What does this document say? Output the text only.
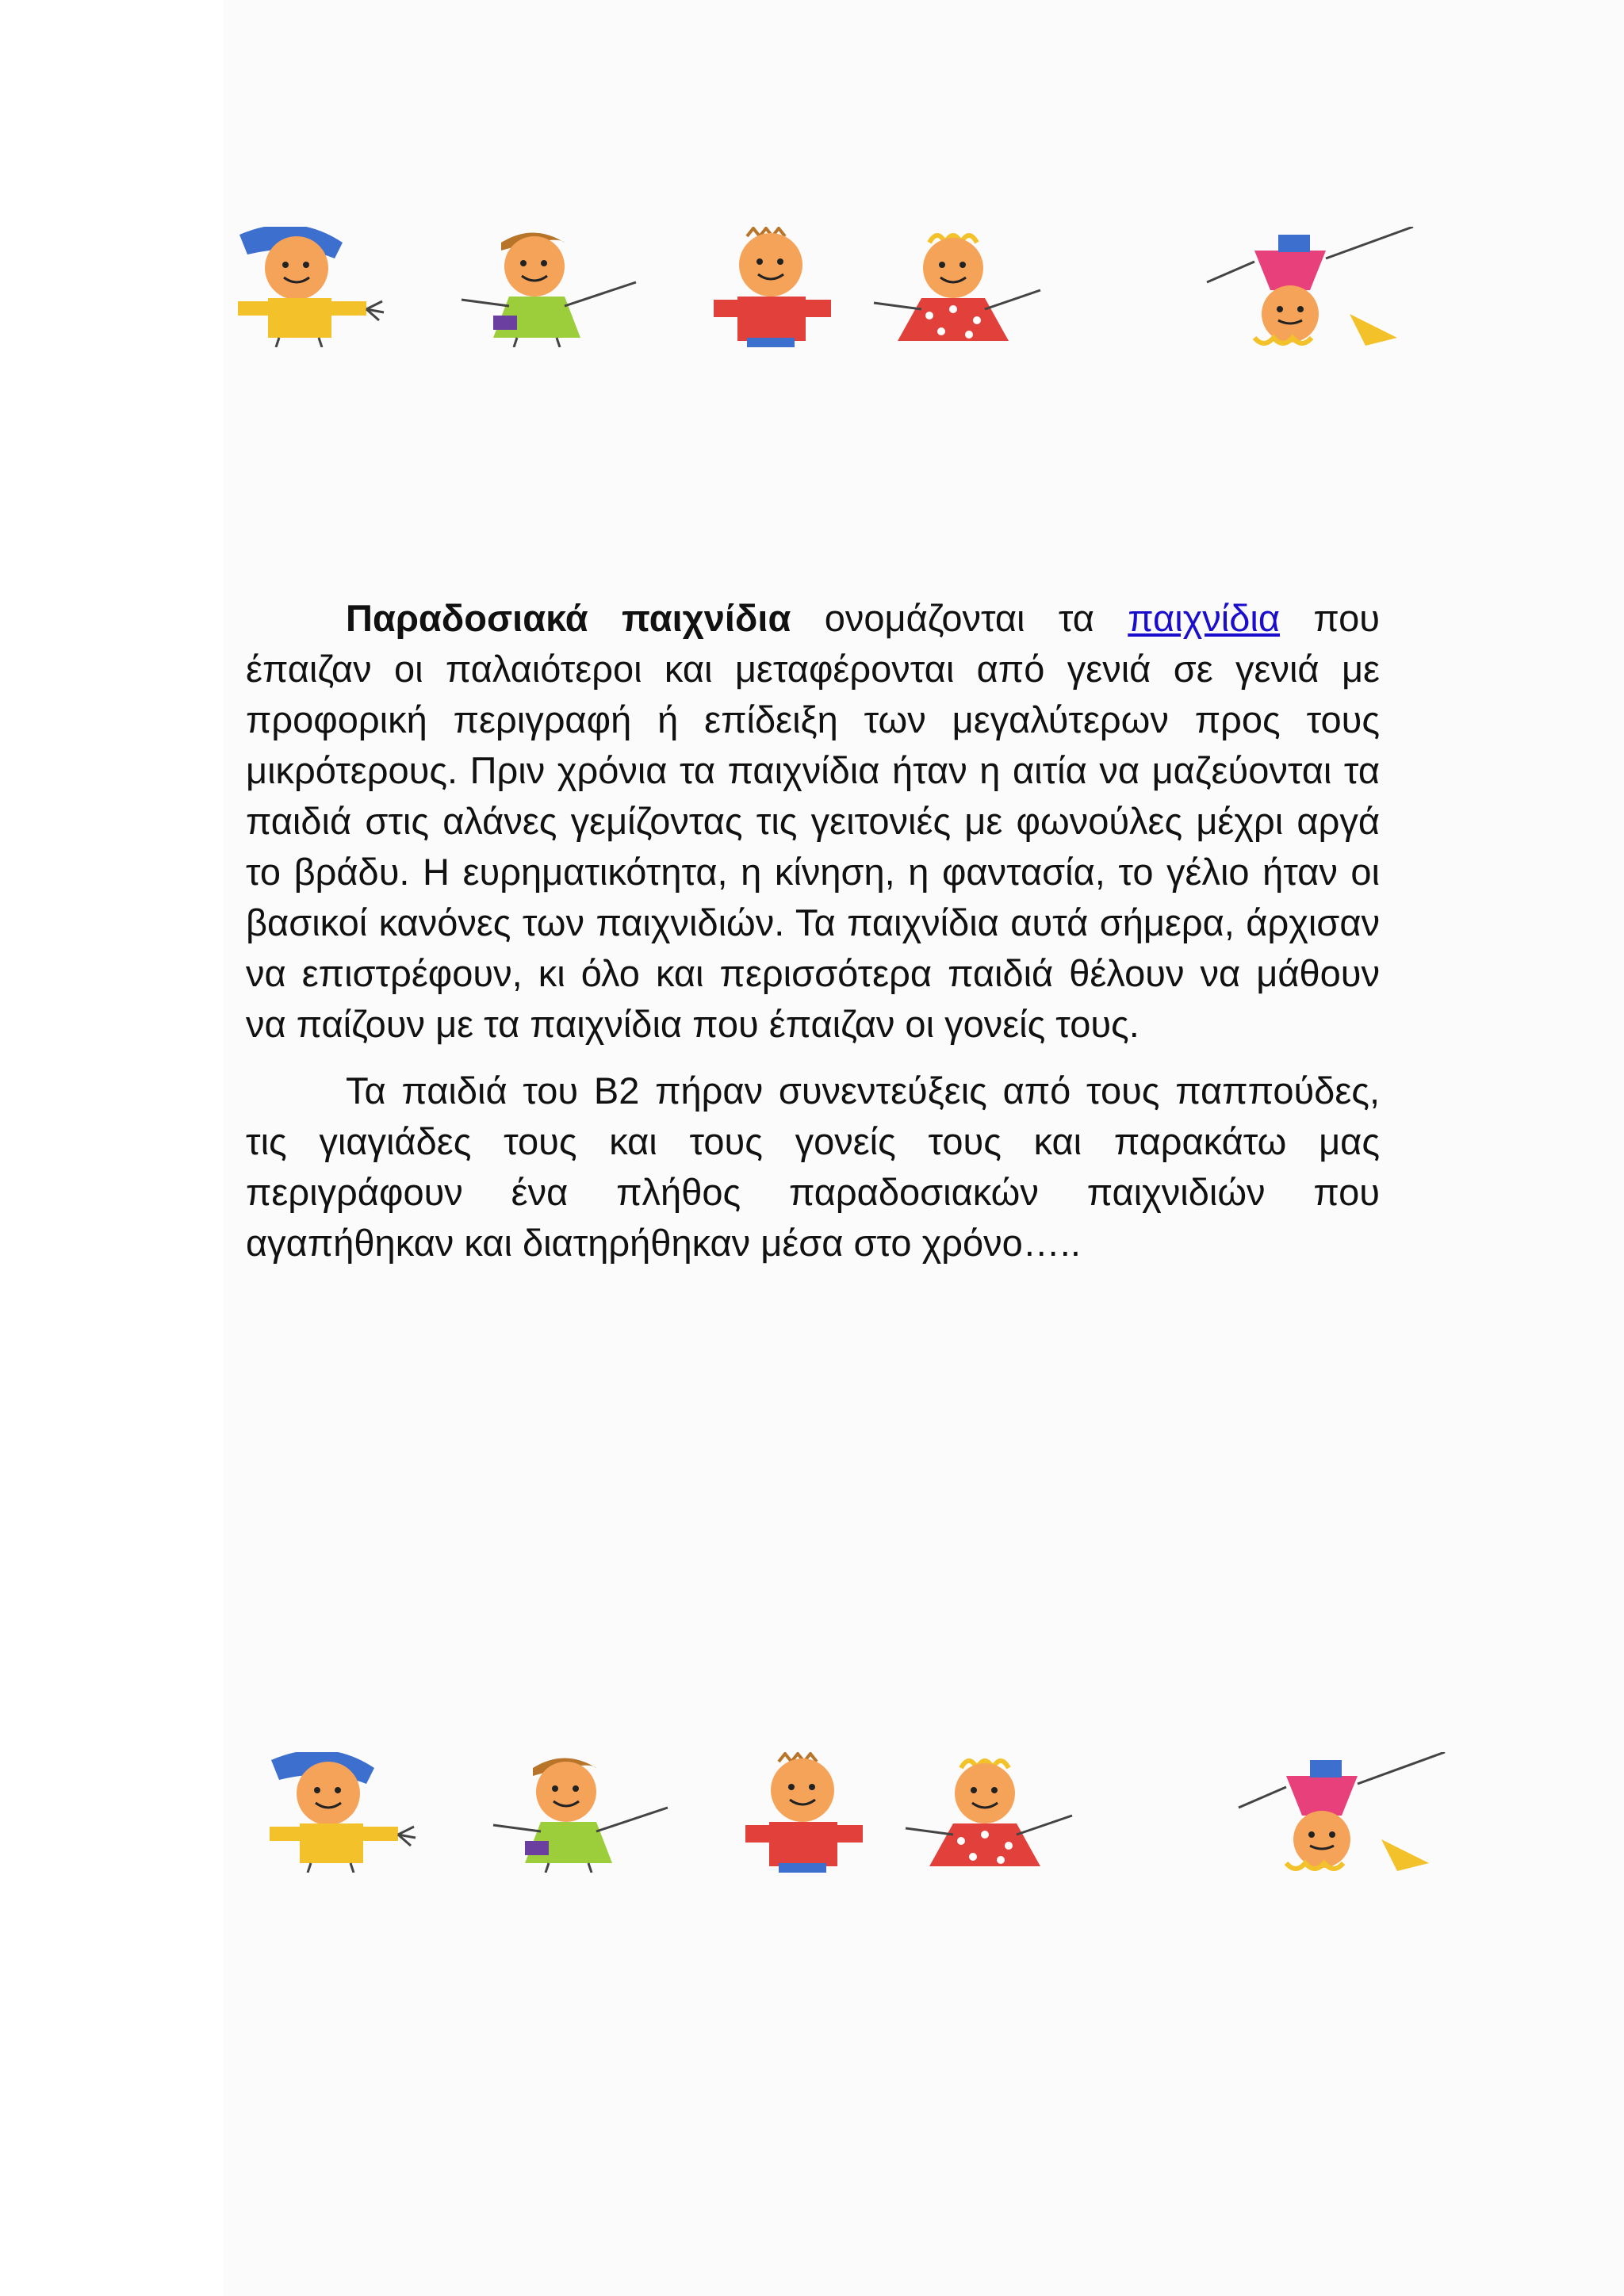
Παραδοσιακά παιχνίδια ονομάζονται τα παιχνίδια που έπαιζαν οι παλαιότεροι και μεταφέρονται από γενιά σε γενιά με προφορική περιγραφή ή επίδειξη των μεγαλύτερων προς τους μικρότερους. Πριν χρόνια τα παιχνίδια ήταν η αιτία να μαζεύονται τα παιδιά στις αλάνες γεμίζοντας τις γειτονιές με φωνούλες μέχρι αργά το βράδυ. Η ευρηματικότητα, η κίνηση, η φαντασία, το γέλιο ήταν οι βασικοί κανόνες των παιχνιδιών. Τα παιχνίδια αυτά σήμερα, άρχισαν να επιστρέφουν, κι όλο και περισσότερα παιδιά θέλουν να μάθουν να παίζουν με τα παιχνίδια που έπαιζαν οι γονείς τους.

Τα παιδιά του Β2 πήραν συνεντεύξεις από τους παππούδες, τις γιαγιάδες τους και τους γονείς τους και παρακάτω μας περιγράφουν ένα πλήθος παραδοσιακών παιχνιδιών που αγαπήθηκαν και διατηρήθηκαν μέσα στο χρόνο…..
